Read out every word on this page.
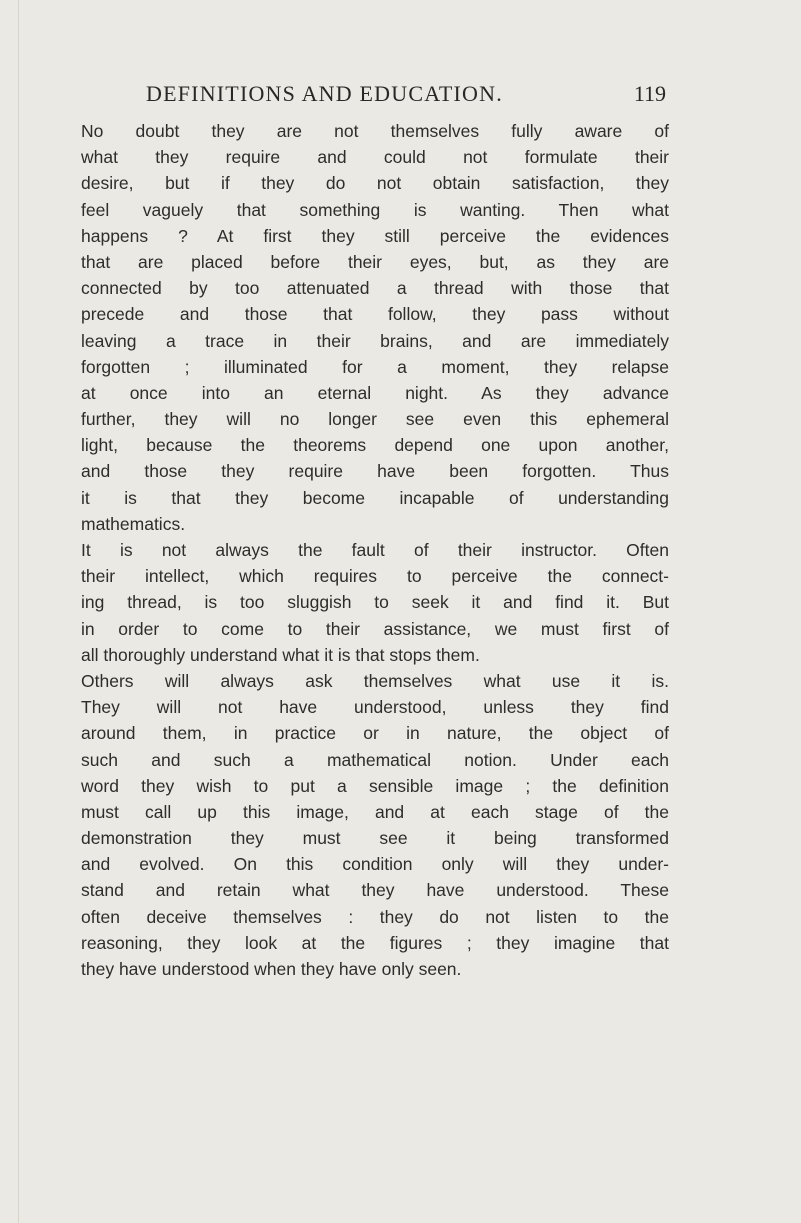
DEFINITIONS AND EDUCATION.	119
No doubt they are not themselves fully aware of
what they require and could not formulate their
desire, but if they do not obtain satisfaction, they
feel vaguely that something is wanting. Then what
happens ? At first they still perceive the evidences
that are placed before their eyes, but, as they are
connected by too attenuated a thread with those that
precede and those that follow, they pass without
leaving a trace in their brains, and are immediately
forgotten ; illuminated for a moment, they relapse
at once into an eternal night. As they advance
further, they will no longer see even this ephemeral
light, because the theorems depend one upon another,
and those they require have been forgotten. Thus
it is that they become incapable of understanding
mathematics.
It is not always the fault of their instructor. Often
their intellect, which requires to perceive the connect-
ing thread, is too sluggish to seek it and find it. But
in order to come to their assistance, we must first of
all thoroughly understand what it is that stops them.
Others will always ask themselves what use it is.
They will not have understood, unless they find
around them, in practice or in nature, the object of
such and such a mathematical notion. Under each
word they wish to put a sensible image ; the definition
must call up this image, and at each stage of the
demonstration they must see it being transformed
and evolved. On this condition only will they under-
stand and retain what they have understood. These
often deceive themselves : they do not listen to the
reasoning, they look at the figures ; they imagine that
they have understood when they have only seen.
